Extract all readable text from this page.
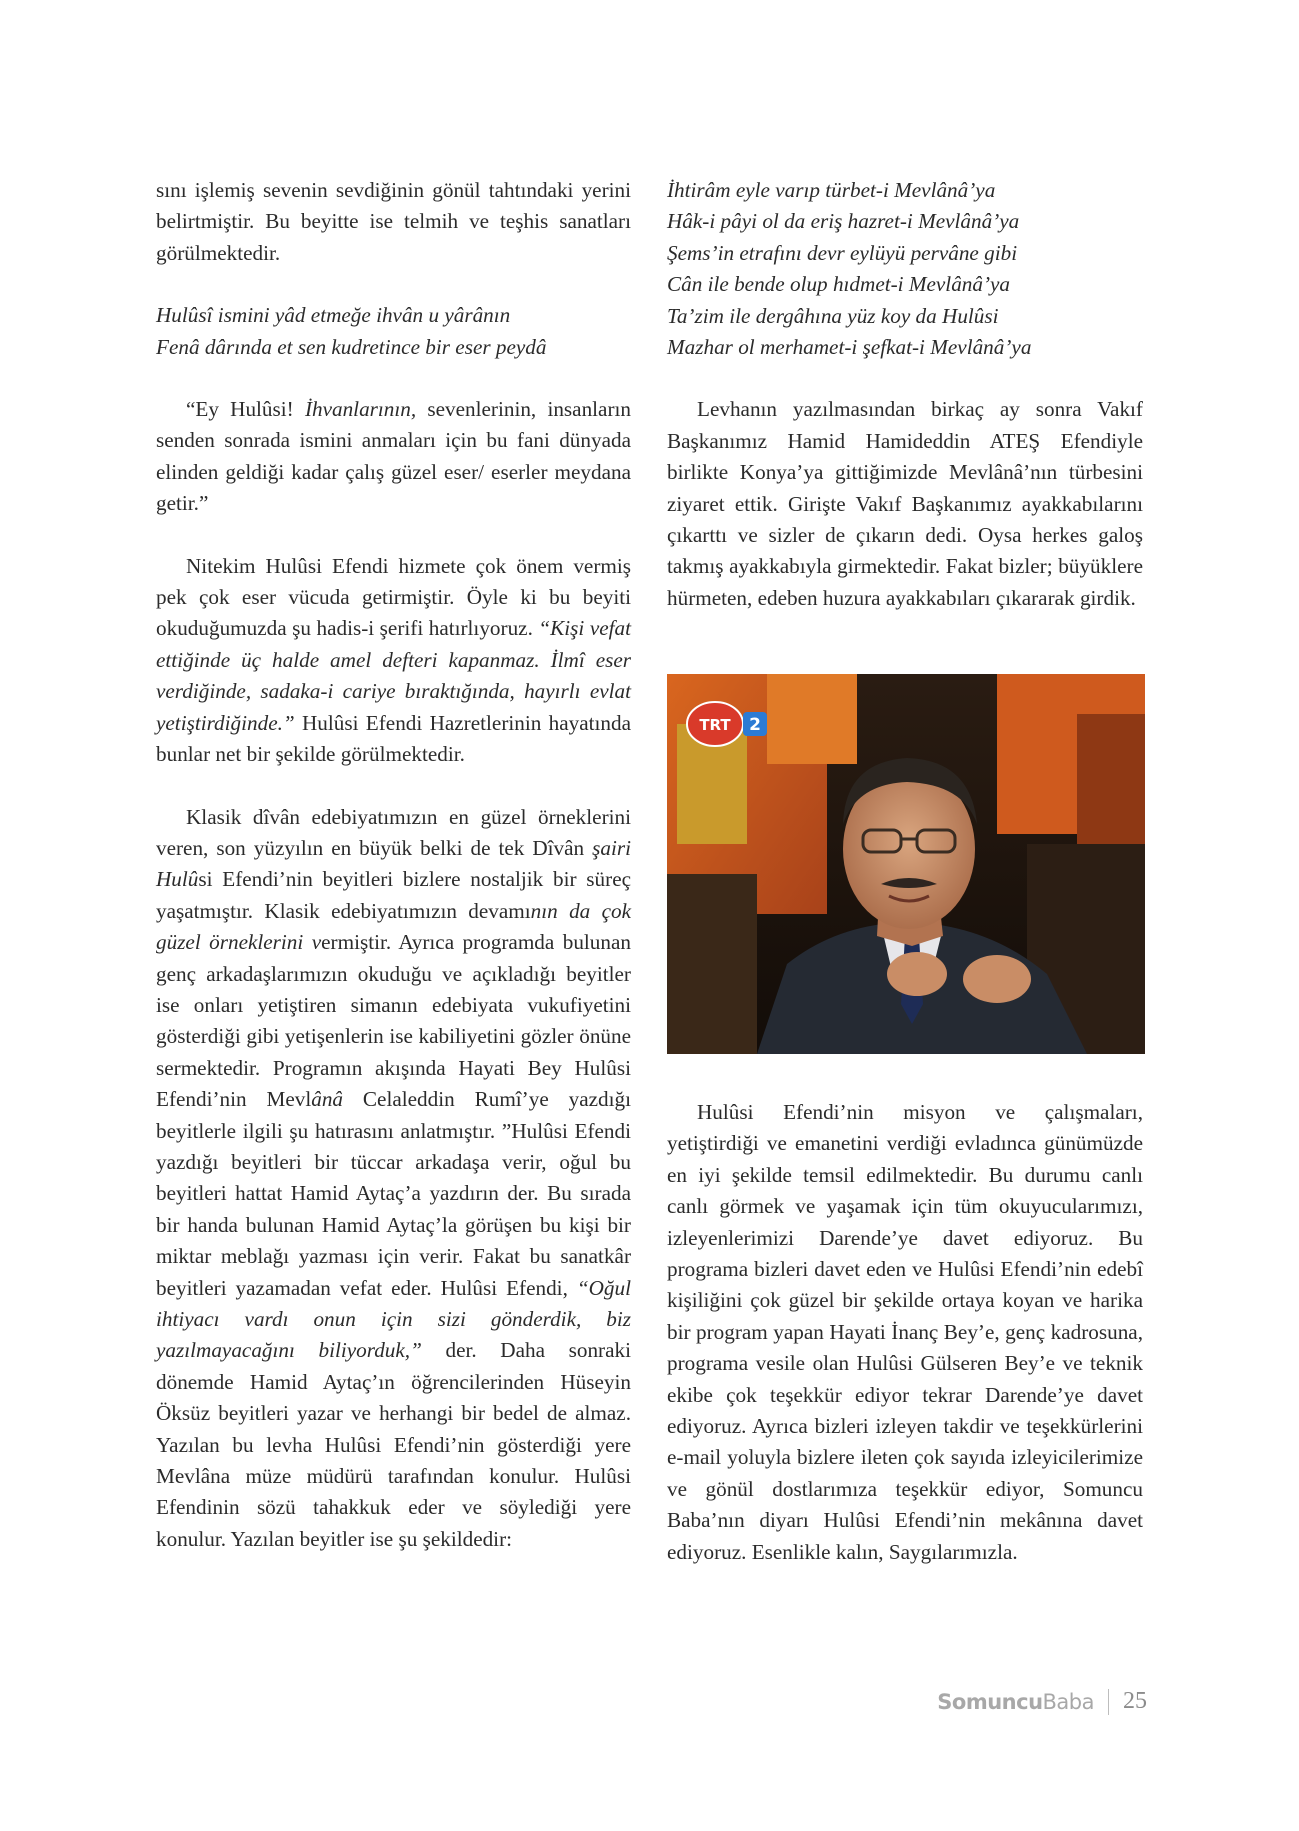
sını işlemiş sevenin sevdiğinin gönül tahtındaki yerini belirtmiştir. Bu beyitte ise telmih ve teşhis sanatları görülmektedir.

Hulûsî ismini yâd etmeğe ihvân u yârânın
Fenâ dârında et sen kudretince bir eser peydâ

“Ey Hulûsi! İhvanlarının, sevenlerinin, insanların senden sonrada ismini anmaları için bu fani dünyada elinden geldiği kadar çalış güzel eser/ eserler meydana getir.”

Nitekim Hulûsi Efendi hizmete çok önem vermiş pek çok eser vücuda getirmiştir. Öyle ki bu beyiti okuduğumuzda şu hadis-i şerifi hatırlıyoruz. “Kişi vefat ettiğinde üç halde amel defteri kapanmaz. İlmî eser verdiğinde, sadaka-i cariye bıraktığında, hayırlı evlat yetiştirdiğinde.” Hulûsi Efendi Hazretlerinin hayatında bunlar net bir şekilde görülmektedir.

Klasik dîvân edebiyatımızın en güzel örneklerini veren, son yüzyılın en büyük belki de tek Dîvân şairi Hulûsi Efendi’nin beyitleri bizlere nostaljik bir süreç yaşatmıştır. Klasik edebiyatımızın devamının da çok güzel örneklerini vermiştir. Ayrıca programda bulunan genç arkadaşlarımızın okuduğu ve açıkladığı beyitler ise onları yetiştiren simanın edebiyata vukufiyetini gösterdiği gibi yetişenlerin ise kabiliyetini gözler önüne sermektedir. Programın akışında Hayati Bey Hulûsi Efendi’nin Mevlânâ Celaleddin Rumî’ye yazdığı beyitlerle ilgili şu hatırasını anlatmıştır. ”Hulûsi Efendi yazdığı beyitleri bir tüccar arkadaşa verir, oğul bu beyitleri hattat Hamid Aytaç’a yazdırın der. Bu sırada bir handa bulunan Hamid Aytaç’la görüşen bu kişi bir miktar meblağı yazması için verir. Fakat bu sanatkâr beyitleri yazamadan vefat eder. Hulûsi Efendi, “Oğul ihtiyacı vardı onun için sizi gönderdik, biz yazılmayacağını biliyorduk,” der. Daha sonraki dönemde Hamid Aytaç’ın öğrencilerinden Hüseyin Öksüz beyitleri yazar ve herhangi bir bedel de almaz. Yazılan bu levha Hulûsi Efendi’nin gösterdiği yere Mevlâna müze müdürü tarafından konulur. Hulûsi Efendinin sözü tahakkuk eder ve söylediği yere konulur. Yazılan beyitler ise şu şekildedir:

İhtirâm eyle varıp türbet-i Mevlânâ’ya
Hâk-i pâyi ol da eriş hazret-i Mevlânâ’ya
Şems’in etrafını devr eylüyü pervâne gibi
Cân ile bende olup hıdmet-i Mevlânâ’ya
Ta’zim ile dergâhına yüz koy da Hulûsi
Mazhar ol merhamet-i şefkat-i Mevlânâ’ya

Levhanın yazılmasından birkaç ay sonra Vakıf Başkanımız Hamid Hamideddin ATEŞ Efendiyle birlikte Konya’ya gittiğimizde Mevlânâ’nın türbesini ziyaret ettik. Girişte Vakıf Başkanımız ayakkabılarını çıkarttı ve sizler de çıkarın dedi. Oysa herkes galoş takmış ayakkabıyla girmektedir. Fakat bizler; büyüklere hürmeten, edeben huzura ayakkabıları çıkararak girdik.

TRT 2

Hulûsi Efendi’nin misyon ve çalışmaları, yetiştirdiği ve emanetini verdiği evladınca günümüzde en iyi şekilde temsil edilmektedir. Bu durumu canlı canlı görmek ve yaşamak için tüm okuyucularımızı, izleyenlerimizi Darende’ye davet ediyoruz. Bu programa bizleri davet eden ve Hulûsi Efendi’nin edebî kişiliğini çok güzel bir şekilde ortaya koyan ve harika bir program yapan Hayati İnanç Bey’e, genç kadrosuna, programa vesile olan Hulûsi Gülseren Bey’e ve teknik ekibe çok teşekkür ediyor tekrar Darende’ye davet ediyoruz. Ayrıca bizleri izleyen takdir ve teşekkürlerini e-mail yoluyla bizlere ileten çok sayıda izleyicilerimize ve gönül dostlarımıza teşekkür ediyor, Somuncu Baba’nın diyarı Hulûsi Efendi’nin mekânına davet ediyoruz. Esenlikle kalın, Saygılarımızla.

SomuncuBaba 25
